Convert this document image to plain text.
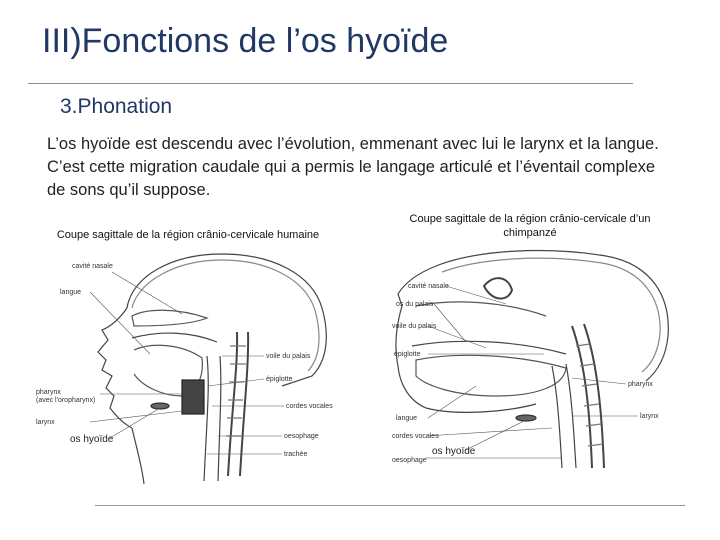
III)Fonctions de l’os hyoïde
3.Phonation
L’os hyoïde est descendu avec l’évolution, emmenant avec lui le larynx et la langue. C’est cette migration caudale qui a permis le langage articulé et l’éventail complexe de sons qu’il suppose.
Coupe sagittale de la région crânio-cervicale humaine
Coupe sagittale de la région crânio-cervicale d’un chimpanzé
cavité nasale
langue
voile du palais
épiglotte
pharynx
(avec l'oropharynx)
cordes vocales
larynx
os hyoïde	oesophage
trachée
cavité nasale
os du palais
voile du palais
épiglotte
pharynx
larynx
langue
cordes vocales
os hyoïde
oesophage
